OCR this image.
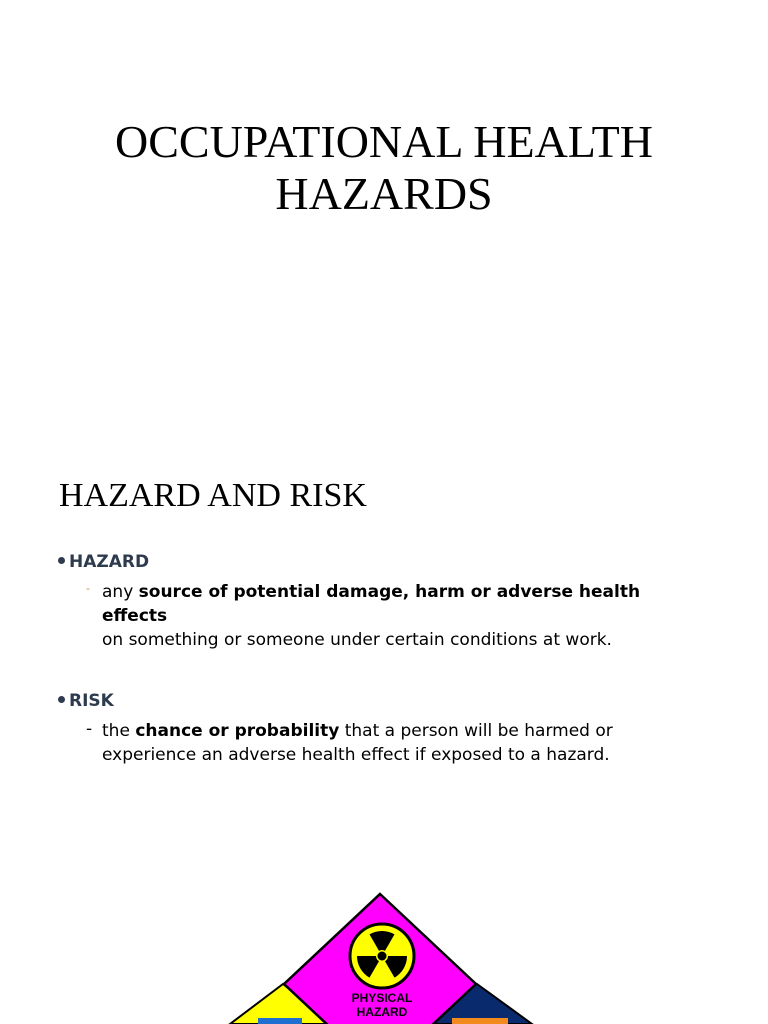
OCCUPATIONAL HEALTH
HAZARDS
HAZARD AND RISK
HAZARD
- any source of potential damage, harm or adverse health effects
on something or someone under certain conditions at work.
RISK
- the chance or probability that a person will be harmed or experience an adverse health effect if exposed to a hazard.
PHYSICAL
HAZARD
